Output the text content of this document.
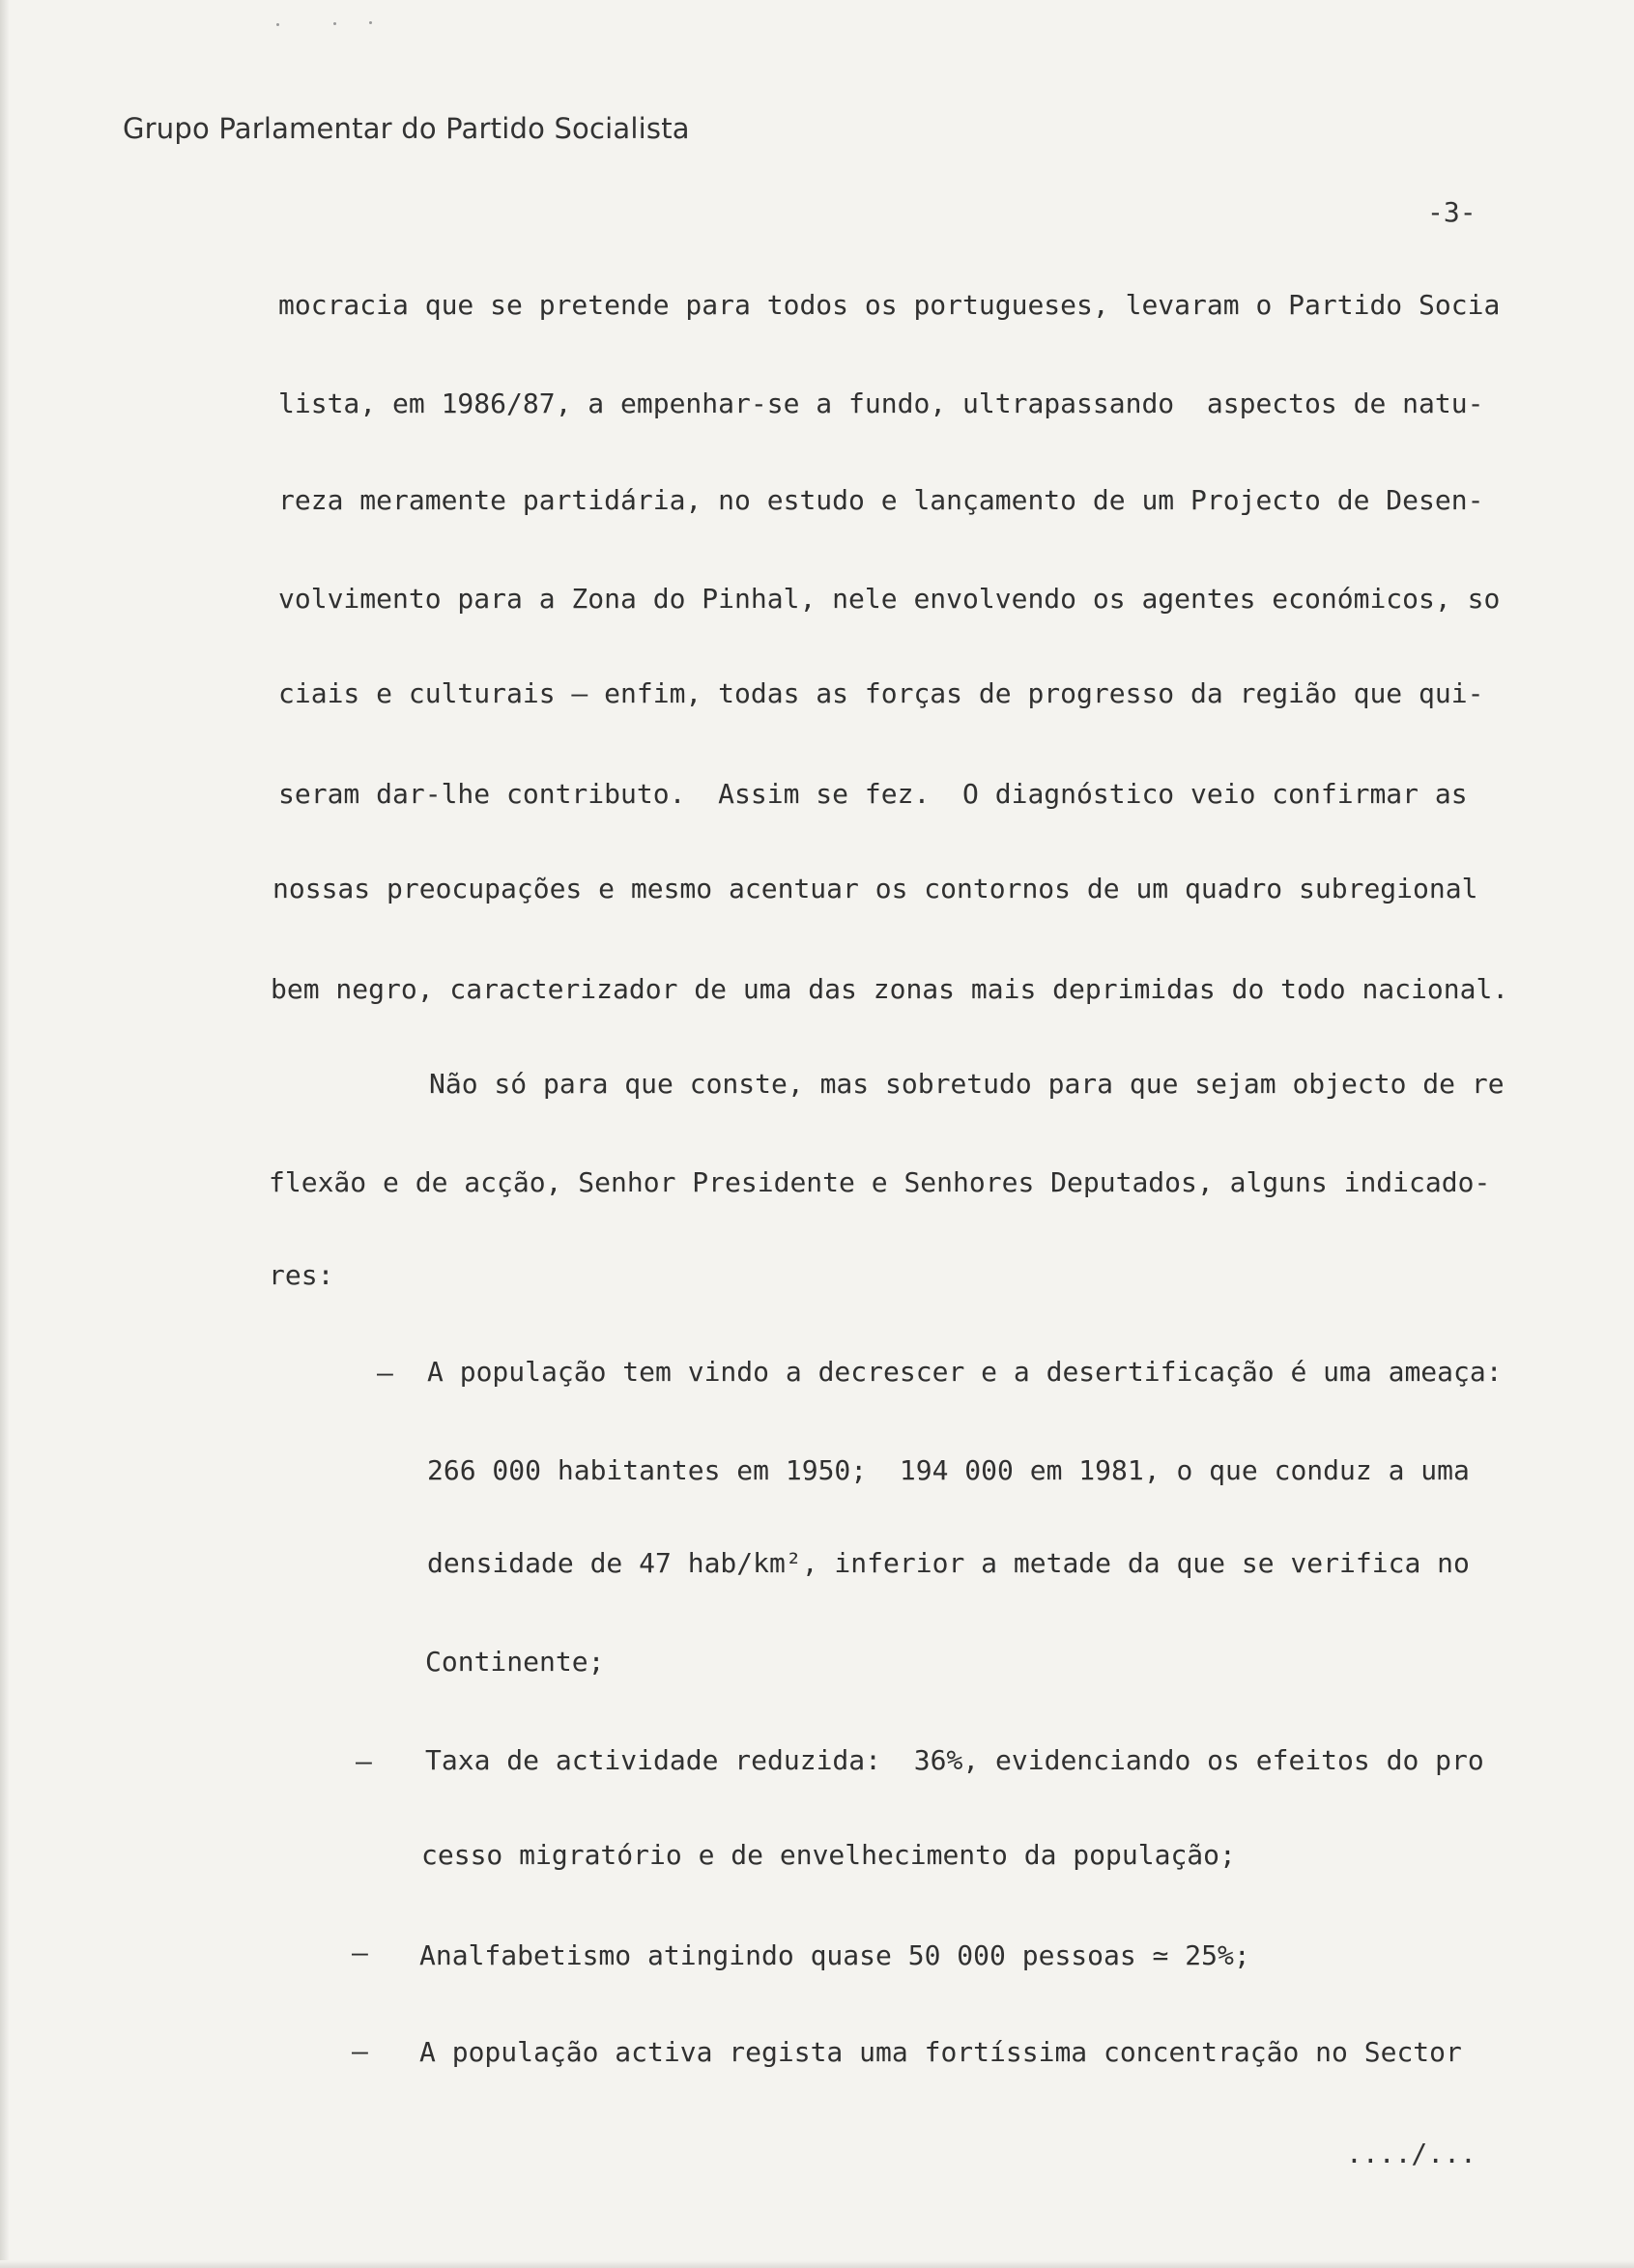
Grupo Parlamentar do Partido Socialista
-3-
mocracia que se pretende para todos os portugueses, levaram o Partido Socia
lista, em 1986/87, a empenhar-se a fundo, ultrapassando  aspectos de natu-
reza meramente partidária, no estudo e lançamento de um Projecto de Desen-
volvimento para a Zona do Pinhal, nele envolvendo os agentes económicos, so
ciais e culturais — enfim, todas as forças de progresso da região que qui-
seram dar-lhe contributo.  Assim se fez.  O diagnóstico veio confirmar as
nossas preocupações e mesmo acentuar os contornos de um quadro subregional
bem negro, caracterizador de uma das zonas mais deprimidas do todo nacional.
Não só para que conste, mas sobretudo para que sejam objecto de re
flexão e de acção, Senhor Presidente e Senhores Deputados, alguns indicado-
res:
— A população tem vindo a decrescer e a desertificação é uma ameaça:
266 000 habitantes em 1950;  194 000 em 1981, o que conduz a uma
densidade de 47 hab/km², inferior a metade da que se verifica no
Continente;
— Taxa de actividade reduzida:  36%, evidenciando os efeitos do pro
cesso migratório e de envelhecimento da população;
— Analfabetismo atingindo quase 50 000 pessoas ≃ 25%;
— A população activa regista uma fortíssima concentração no Sector
..../...
